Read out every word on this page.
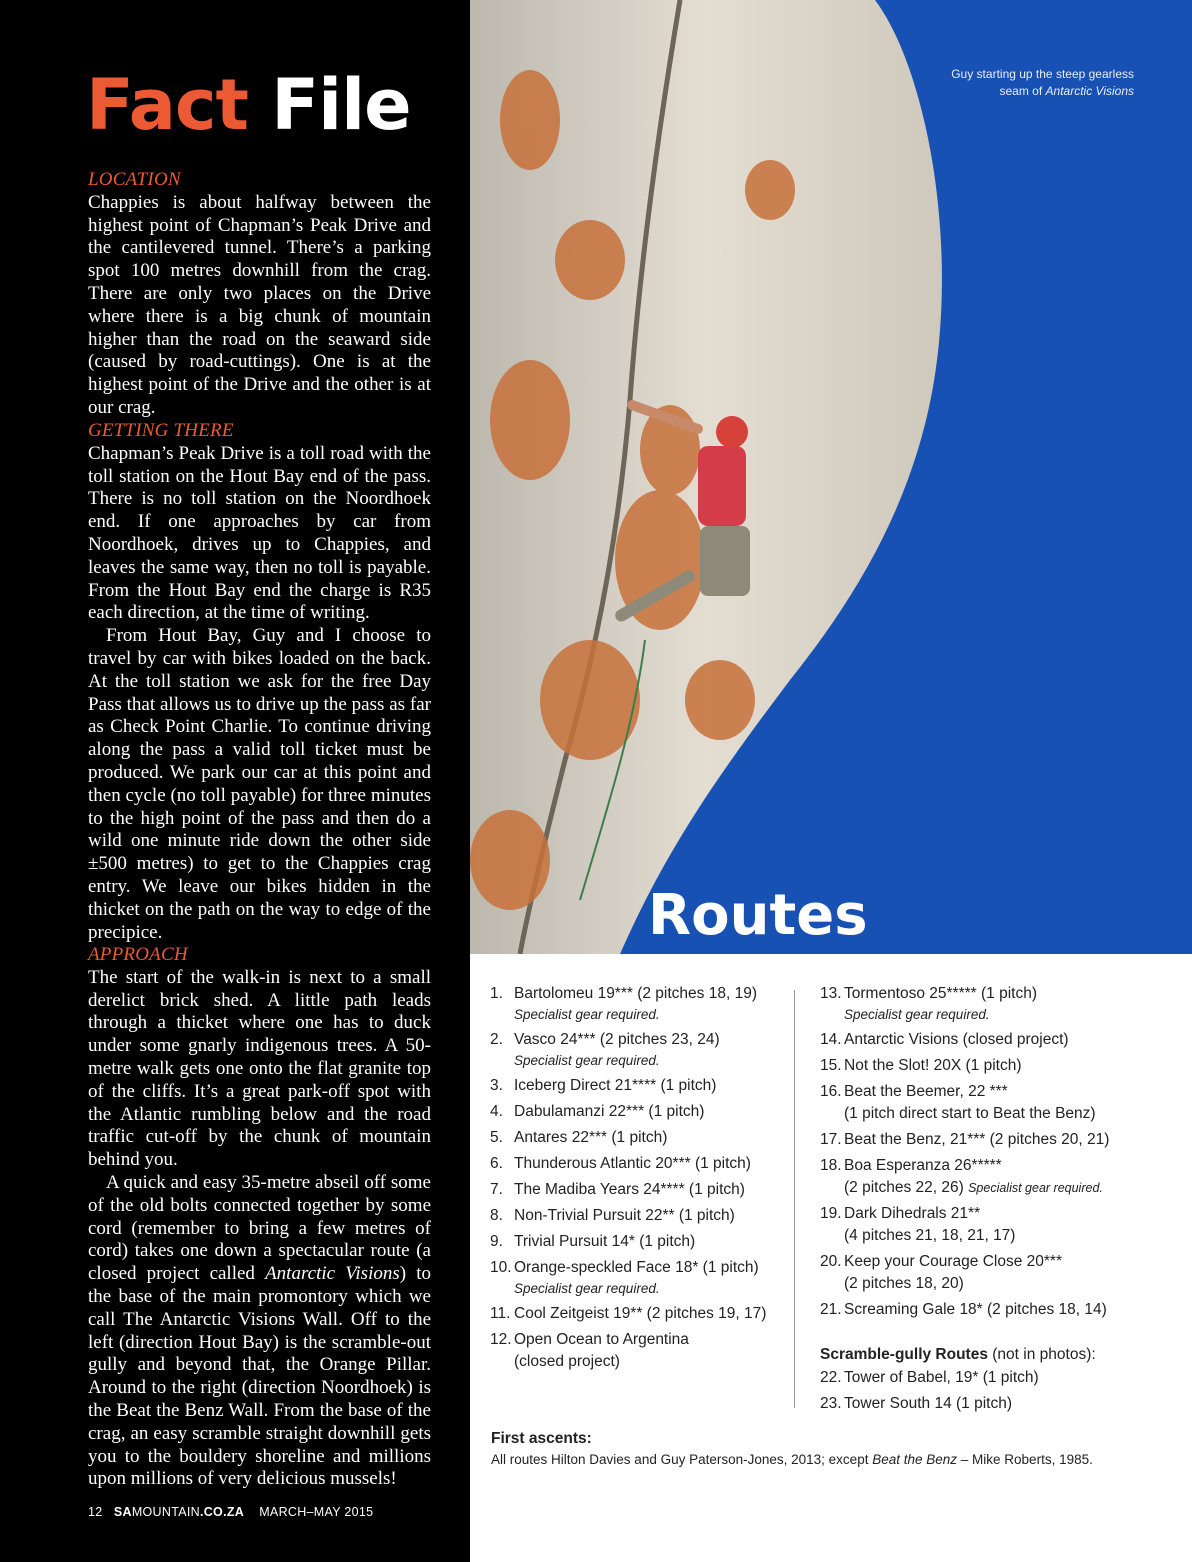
Fact File
LOCATION

Chappies is about halfway between the highest point of Chapman’s Peak Drive and the cantilevered tunnel. There’s a parking spot 100 metres downhill from the crag. There are only two places on the Drive where there is a big chunk of mountain higher than the road on the seaward side (caused by road-cuttings). One is at the highest point of the Drive and the other is at our crag.

GETTING THERE

Chapman’s Peak Drive is a toll road with the toll station on the Hout Bay end of the pass. There is no toll station on the Noordhoek end. If one approaches by car from Noordhoek, drives up to Chappies, and leaves the same way, then no toll is payable. From the Hout Bay end the charge is R35 each direction, at the time of writing.

From Hout Bay, Guy and I choose to travel by car with bikes loaded on the back. At the toll station we ask for the free Day Pass that allows us to drive up the pass as far as Check Point Charlie. To continue driving along the pass a valid toll ticket must be produced. We park our car at this point and then cycle (no toll payable) for three minutes to the high point of the pass and then do a wild one minute ride down the other side ±500 metres) to get to the Chappies crag entry. We leave our bikes hidden in the thicket on the path on the way to edge of the precipice.

APPROACH

The start of the walk-in is next to a small derelict brick shed. A little path leads through a thicket where one has to duck under some gnarly indigenous trees. A 50-metre walk gets one onto the flat granite top of the cliffs. It’s a great park-off spot with the Atlantic rumbling below and the road traffic cut-off by the chunk of mountain behind you.

A quick and easy 35-metre abseil off some of the old bolts connected together by some cord (remember to bring a few metres of cord) takes one down a spectacular route (a closed project called Antarctic Visions) to the base of the main promontory which we call The Antarctic Visions Wall. Off to the left (direction Hout Bay) is the scramble-out gully and beyond that, the Orange Pillar. Around to the right (direction Noordhoek) is the Beat the Benz Wall. From the base of the crag, an easy scramble straight downhill gets you to the bouldery shoreline and millions upon millions of very delicious mussels!

12 SAMOUNTAIN.CO.ZA MARCH–MAY 2015
Guy starting up the steep gearless
seam of Antarctic Visions
Routes
1. Bartolomeu 19*** (2 pitches 18, 19)
Specialist gear required.
2. Vasco 24*** (2 pitches 23, 24)
Specialist gear required.
3. Iceberg Direct 21**** (1 pitch)
4. Dabulamanzi 22*** (1 pitch)
5. Antares 22*** (1 pitch)
6. Thunderous Atlantic 20*** (1 pitch)
7. The Madiba Years 24**** (1 pitch)
8. Non-Trivial Pursuit 22** (1 pitch)
9. Trivial Pursuit 14* (1 pitch)
10. Orange-speckled Face 18* (1 pitch)
Specialist gear required.
11. Cool Zeitgeist 19** (2 pitches 19, 17)
12. Open Ocean to Argentina
(closed project)
13. Tormentoso 25***** (1 pitch)
Specialist gear required.
14. Antarctic Visions (closed project)
15. Not the Slot! 20X (1 pitch)
16. Beat the Beemer, 22 ***
(1 pitch direct start to Beat the Benz)
17. Beat the Benz, 21*** (2 pitches 20, 21)
18. Boa Esperanza 26*****
(2 pitches 22, 26) Specialist gear required.
19. Dark Dihedrals 21**
(4 pitches 21, 18, 21, 17)
20. Keep your Courage Close 20***
(2 pitches 18, 20)
21. Screaming Gale 18* (2 pitches 18, 14)
Scramble-gully Routes (not in photos):
22. Tower of Babel, 19* (1 pitch)
23. Tower South 14 (1 pitch)
First ascents:
All routes Hilton Davies and Guy Paterson-Jones, 2013; except Beat the Benz – Mike Roberts, 1985.
